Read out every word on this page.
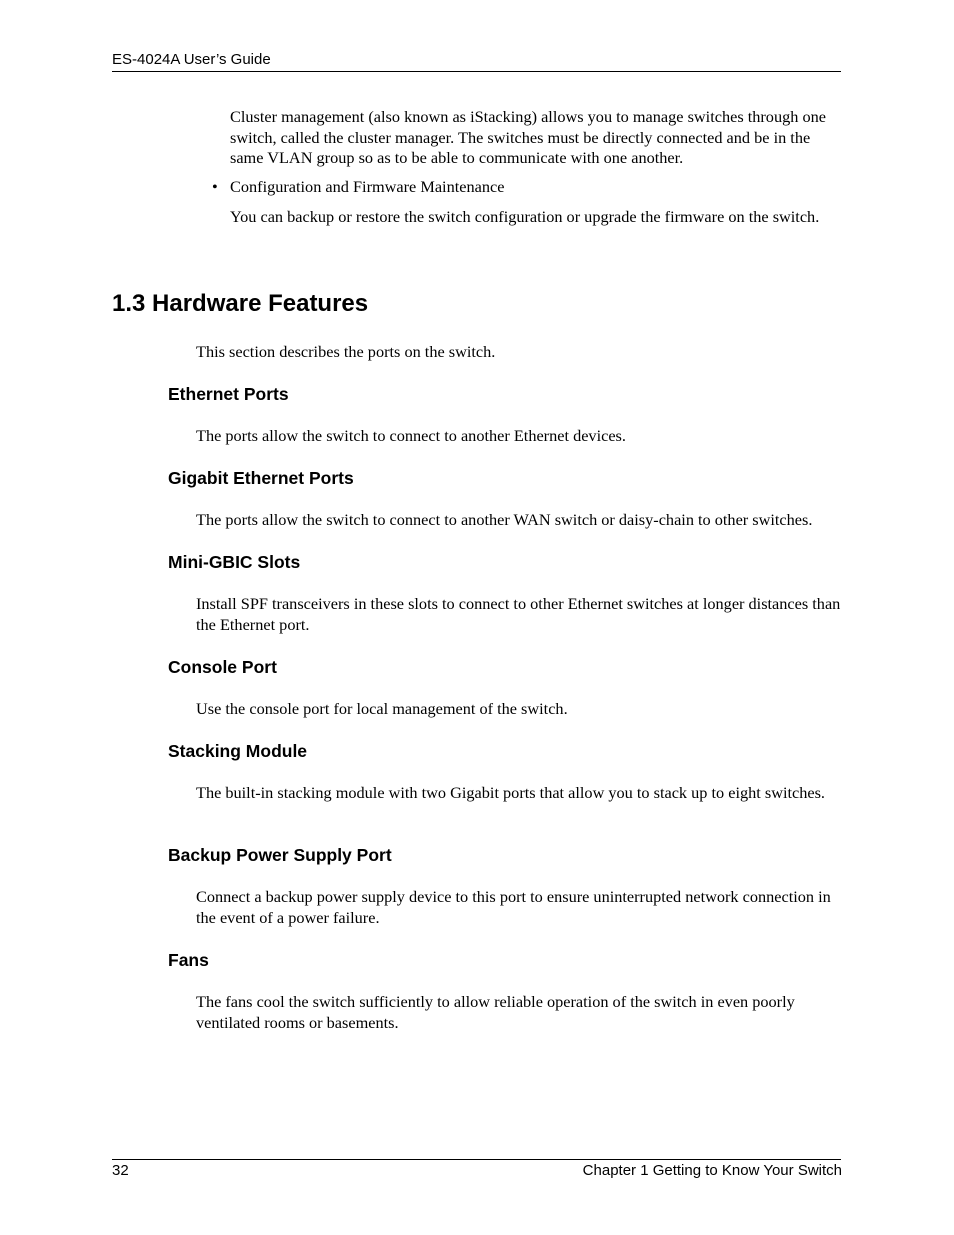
ES-4024A User’s Guide

Cluster management (also known as iStacking) allows you to manage switches through one switch, called the cluster manager. The switches must be directly connected and be in the same VLAN group so as to be able to communicate with one another.

• Configuration and Firmware Maintenance

You can backup or restore the switch configuration or upgrade the firmware on the switch.

1.3 Hardware Features

This section describes the ports on the switch.

Ethernet Ports

The ports allow the switch to connect to another Ethernet devices.

Gigabit Ethernet Ports

The ports allow the switch to connect to another WAN switch or daisy-chain to other switches.

Mini-GBIC Slots

Install SPF transceivers in these slots to connect to other Ethernet switches at longer distances than the Ethernet port.

Console Port

Use the console port for local management of the switch.

Stacking Module

The built-in stacking module with two Gigabit ports that allow you to stack up to eight switches.

Backup Power Supply Port

Connect a backup power supply device to this port to ensure uninterrupted network connection in the event of a power failure.

Fans

The fans cool the switch sufficiently to allow reliable operation of the switch in even poorly ventilated rooms or basements.

32	Chapter 1 Getting to Know Your Switch
